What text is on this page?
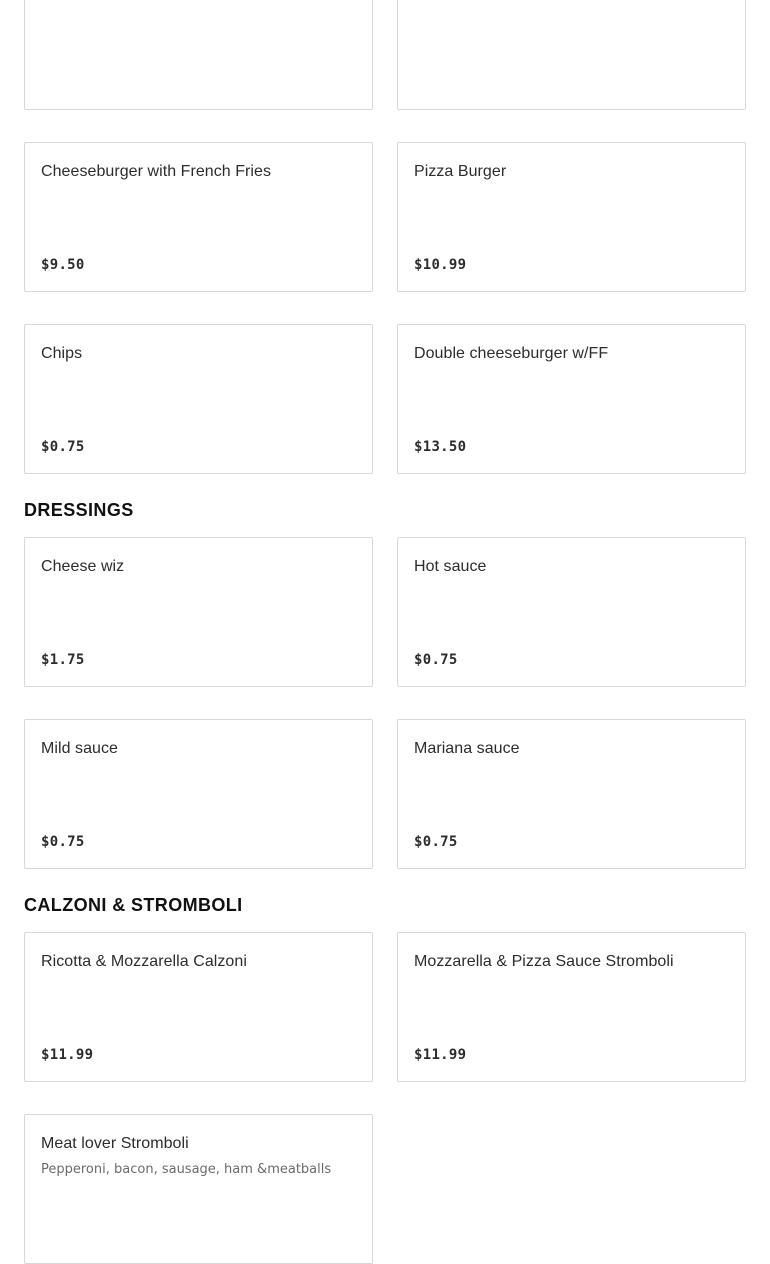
Cheeseburger with French Fries
$9.50
Pizza Burger
$10.99
Chips
$0.75
Double cheeseburger w/FF
$13.50
DRESSINGS
Cheese wiz
$1.75
Hot sauce
$0.75
Mild sauce
$0.75
Mariana sauce
$0.75
CALZONI & STROMBOLI
Ricotta & Mozzarella Calzoni
$11.99
Mozzarella & Pizza Sauce Stromboli
$11.99
Meat lover Stromboli
Pepperoni, bacon, sausage, ham &meatballs
